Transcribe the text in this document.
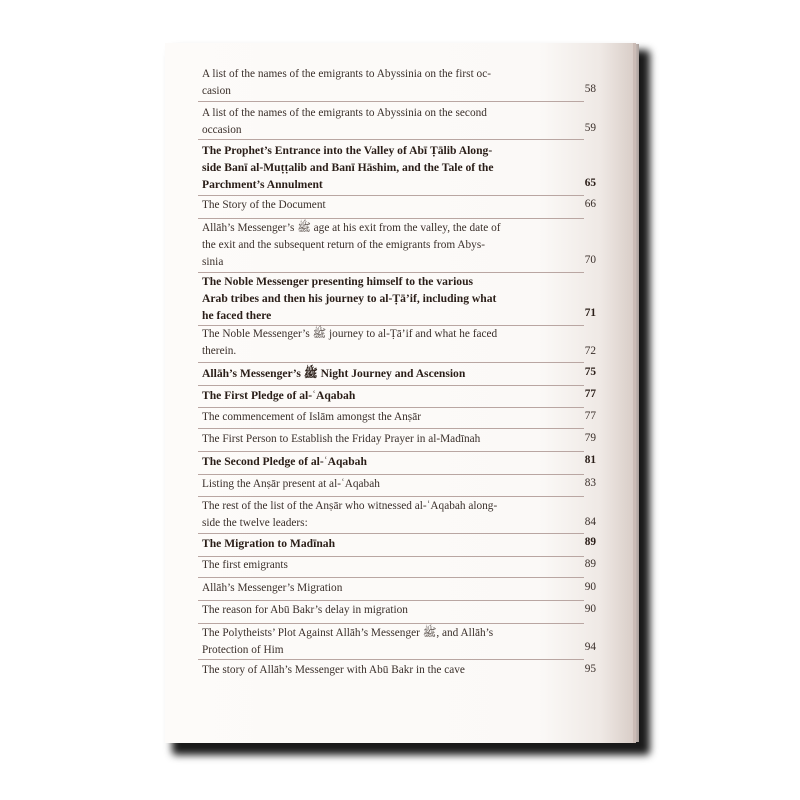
A list of the names of the emigrants to Abyssinia on the first oc-
casion	58
A list of the names of the emigrants to Abyssinia on the second
occasion	59
The Prophet’s Entrance into the Valley of Abī Ṭālib Along-
side Banī al-Muṭṭalib and Banī Hāshim, and the Tale of the
Parchment’s Annulment	65
The Story of the Document	66
Allāh’s Messenger’s ﷺ age at his exit from the valley, the date of
the exit and the subsequent return of the emigrants from Abys-
sinia	70
The Noble Messenger presenting himself to the various
Arab tribes and then his journey to al-Ṭā’if, including what
he faced there	71
The Noble Messenger’s ﷺ journey to al-Ṭā’if and what he faced
therein.	72
Allāh’s Messenger’s ﷺ Night Journey and Ascension	75
The First Pledge of al-ʿAqabah	77
The commencement of Islām amongst the Anṣār	77
The First Person to Establish the Friday Prayer in al-Madīnah	79
The Second Pledge of al-ʿAqabah	81
Listing the Anṣār present at al-ʿAqabah	83
The rest of the list of the Anṣār who witnessed al-ʿAqabah along-
side the twelve leaders:	84
The Migration to Madīnah	89
The first emigrants	89
Allāh’s Messenger’s Migration	90
The reason for Abū Bakr’s delay in migration	90
The Polytheists’ Plot Against Allāh’s Messenger ﷺ, and Allāh’s
Protection of Him	94
The story of Allāh’s Messenger with Abū Bakr in the cave	95
